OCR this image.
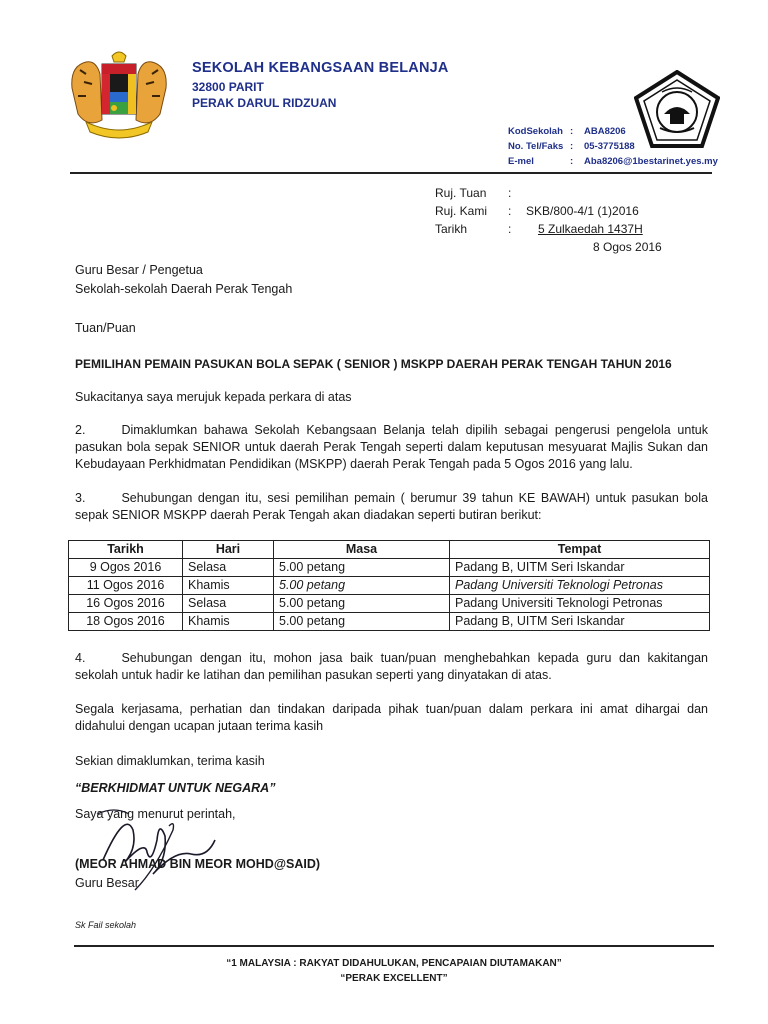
SEKOLAH KEBANGSAAN BELANJA
32800 PARIT
PERAK DARUL RIDZUAN
KodSekolah :	ABA8206
No. Tel/Faks :	05-3775188
E-mel	:	Aba8206@1bestarinet.yes.my
Ruj. Tuan	:
Ruj. Kami	:	SKB/800-4/1 (1)2016
Tarikh	:	5 Zulkaedah 1437H
8 Ogos 2016
Guru Besar / Pengetua
Sekolah-sekolah Daerah Perak Tengah
Tuan/Puan
PEMILIHAN PEMAIN PASUKAN BOLA SEPAK ( SENIOR ) MSKPP DAERAH PERAK TENGAH TAHUN 2016
Sukacitanya saya merujuk kepada perkara di atas
2.	Dimaklumkan bahawa Sekolah Kebangsaan Belanja telah dipilih sebagai pengerusi pengelola untuk pasukan bola sepak SENIOR untuk daerah Perak Tengah seperti dalam keputusan mesyuarat Majlis Sukan dan Kebudayaan Perkhidmatan Pendidikan (MSKPP) daerah Perak Tengah pada 5 Ogos 2016 yang lalu.
3.	Sehubungan dengan itu, sesi pemilihan pemain ( berumur 39 tahun KE BAWAH) untuk pasukan bola sepak SENIOR MSKPP daerah Perak Tengah akan diadakan seperti butiran berikut:
Tarikh	Hari	Masa	Tempat
9 Ogos 2016	Selasa	5.00 petang	Padang B, UITM Seri Iskandar
11 Ogos 2016	Khamis	5.00 petang	Padang Universiti Teknologi Petronas
16 Ogos 2016	Selasa	5.00 petang	Padang Universiti Teknologi Petronas
18 Ogos 2016	Khamis	5.00 petang	Padang B, UITM Seri Iskandar
4.	Sehubungan dengan itu, mohon jasa baik tuan/puan menghebahkan kepada guru dan kakitangan sekolah untuk hadir ke latihan dan pemilihan pasukan seperti yang dinyatakan di atas.
Segala kerjasama, perhatian dan tindakan daripada pihak tuan/puan dalam perkara ini amat dihargai dan didahului dengan ucapan jutaan terima kasih
Sekian dimaklumkan, terima kasih
“BERKHIDMAT UNTUK NEGARA”
Saya yang menurut perintah,
(MEOR AHMAD BIN MEOR MOHD@SAID)
Guru Besar
Sk Fail sekolah
“1 MALAYSIA : RAKYAT DIDAHULUKAN, PENCAPAIAN DIUTAMAKAN”
“PERAK EXCELLENT”
